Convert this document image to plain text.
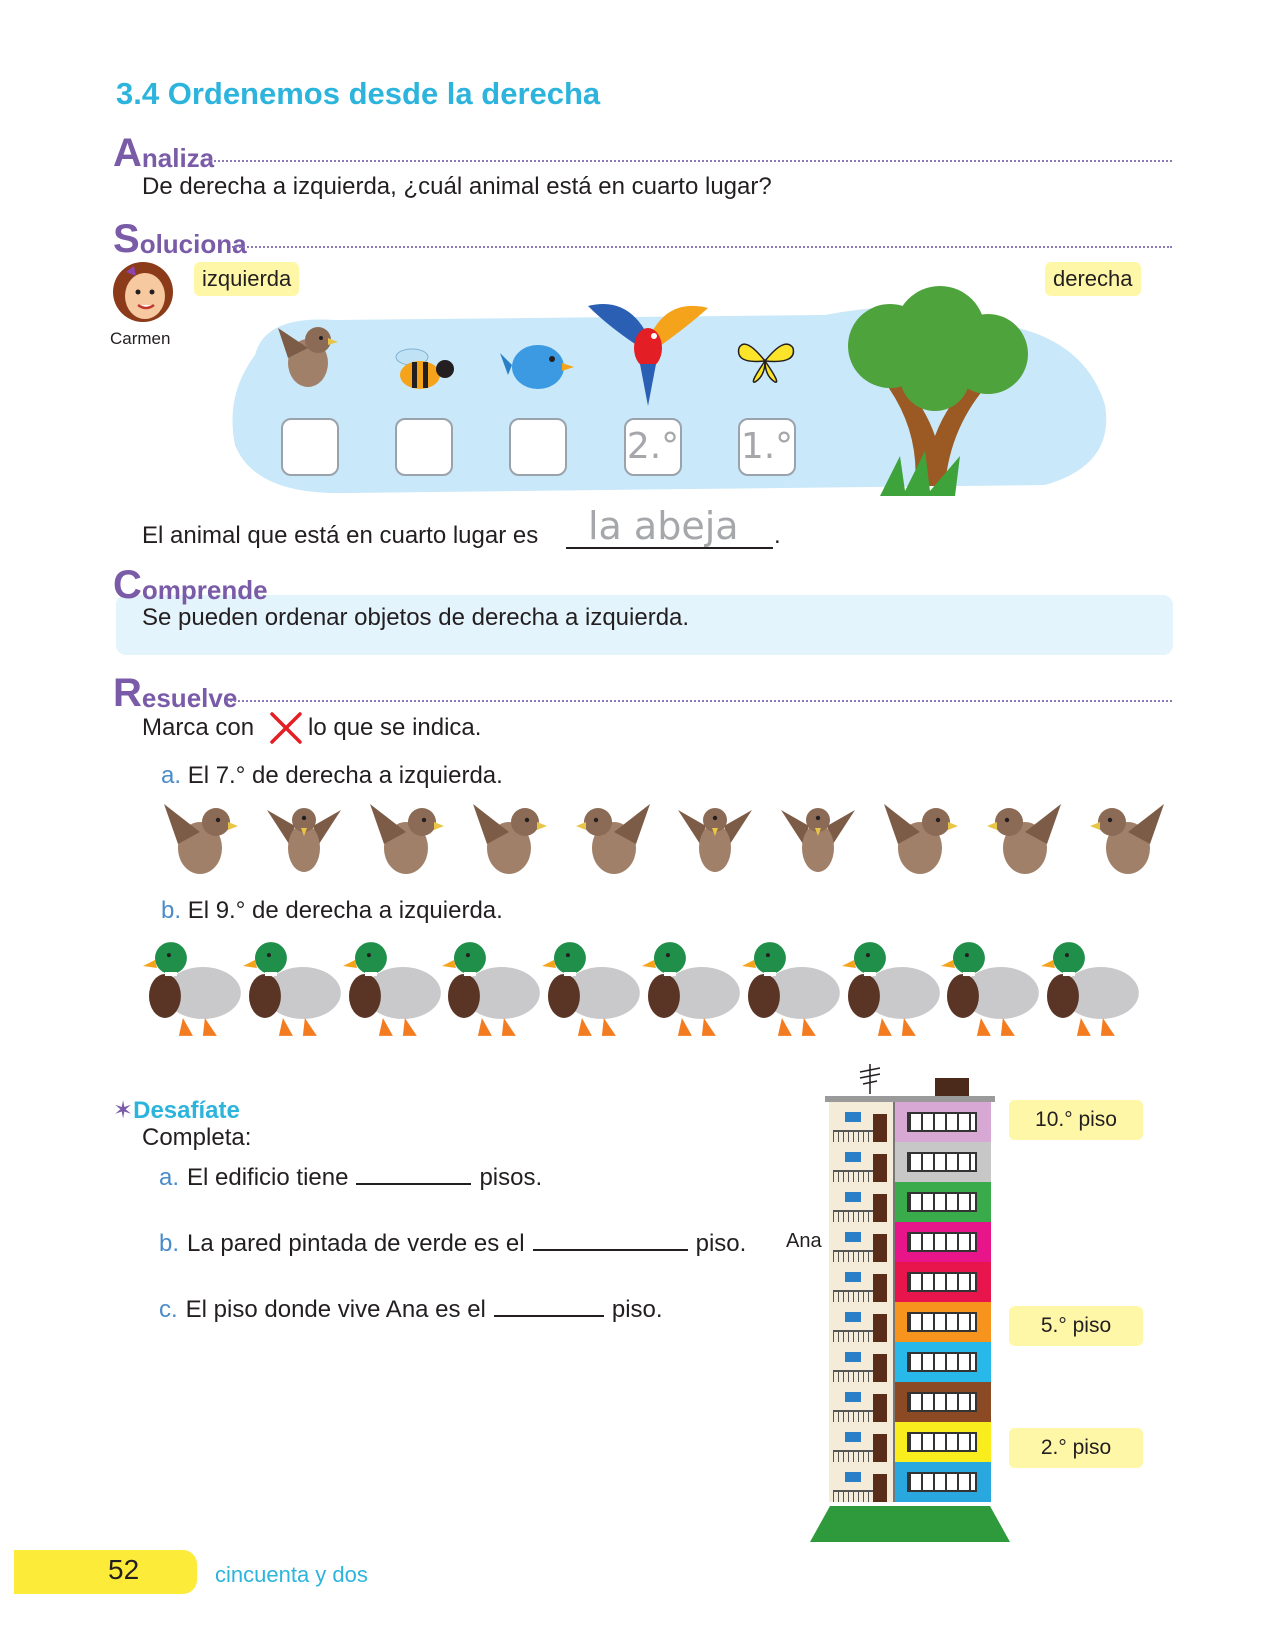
3.4 Ordenemos desde la derecha
A naliza
De derecha a izquierda, ¿cuál animal está en cuarto lugar?
S oluciona
Carmen
izquierda	derecha
2.° 1.°
El animal que está en cuarto lugar es la abeja .
C omprende
Se pueden ordenar objetos de derecha a izquierda.
R esuelve
Marca con lo que se indica.
a. El 7.° de derecha a izquierda.
b. El 9.° de derecha a izquierda.
✶Desafíate
Completa:
a. El edificio tiene	pisos.
b. La pared pintada de verde es el	piso.
c. El piso donde vive Ana es el	piso.
Ana
10.° piso
5.° piso
2.° piso
52	cincuenta y dos
